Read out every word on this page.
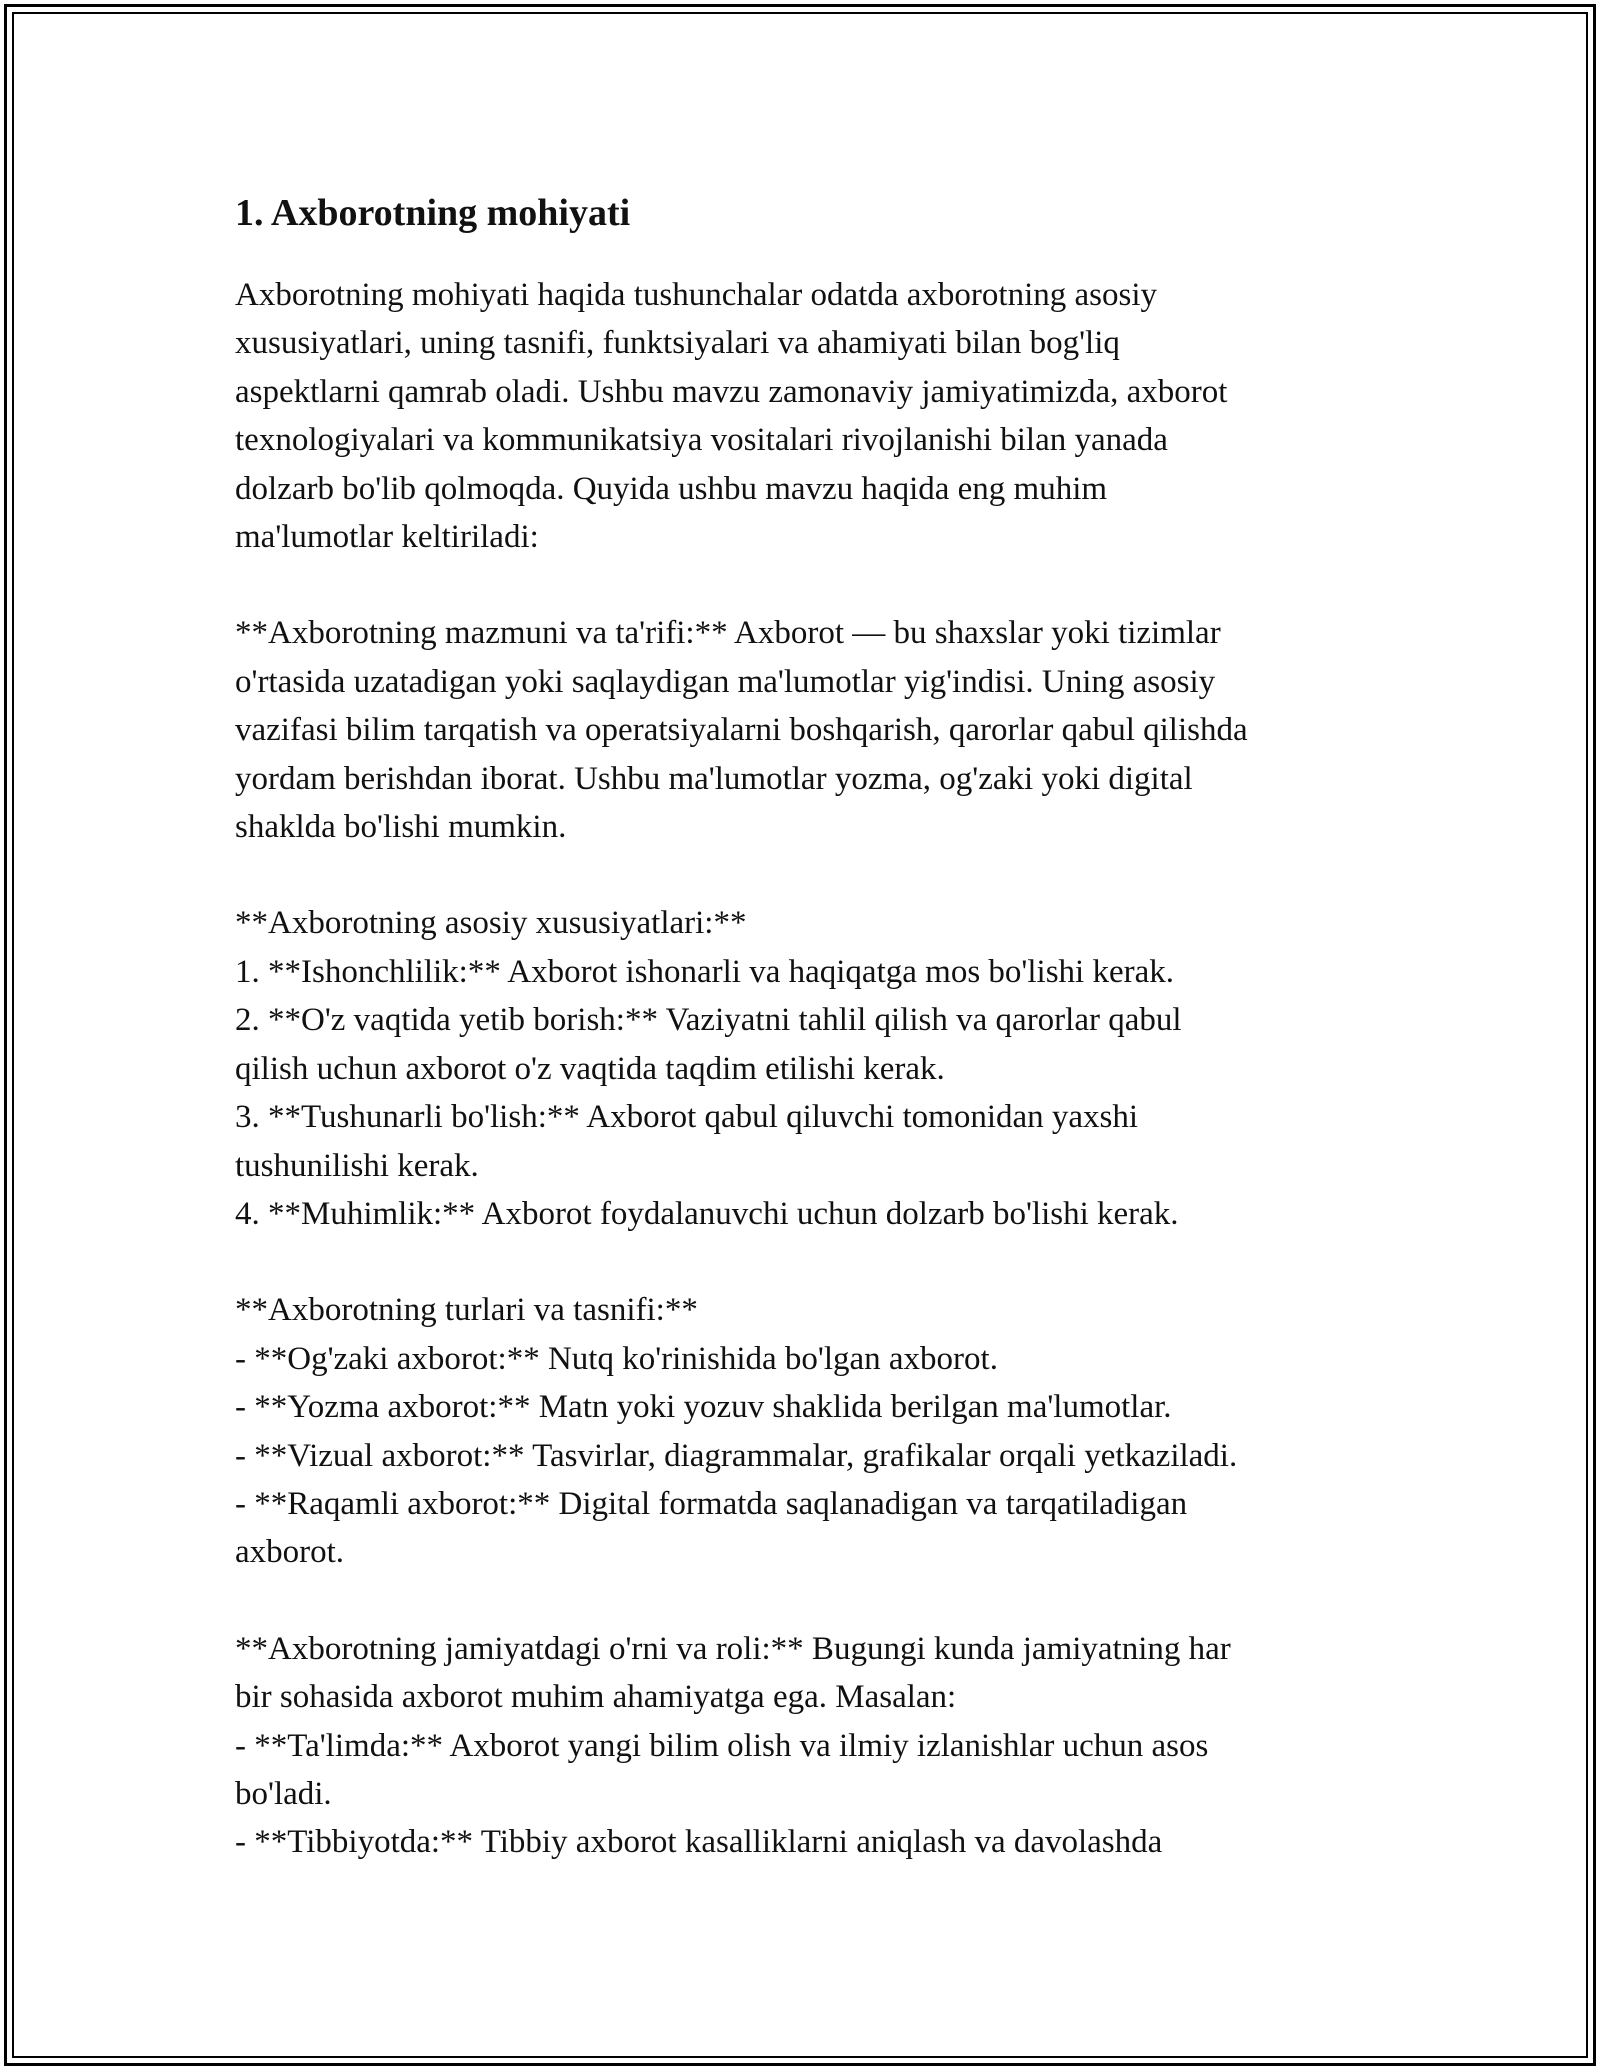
1. Axborotning mohiyati

Axborotning mohiyati haqida tushunchalar odatda axborotning asosiy
xususiyatlari, uning tasnifi, funktsiyalari va ahamiyati bilan bog'liq
aspektlarni qamrab oladi. Ushbu mavzu zamonaviy jamiyatimizda, axborot
texnologiyalari va kommunikatsiya vositalari rivojlanishi bilan yanada
dolzarb bo'lib qolmoqda. Quyida ushbu mavzu haqida eng muhim
ma'lumotlar keltiriladi:

**Axborotning mazmuni va ta'rifi:** Axborot — bu shaxslar yoki tizimlar
o'rtasida uzatadigan yoki saqlaydigan ma'lumotlar yig'indisi. Uning asosiy
vazifasi bilim tarqatish va operatsiyalarni boshqarish, qarorlar qabul qilishda
yordam berishdan iborat. Ushbu ma'lumotlar yozma, og'zaki yoki digital
shaklda bo'lishi mumkin.

**Axborotning asosiy xususiyatlari:**
1. **Ishonchlilik:** Axborot ishonarli va haqiqatga mos bo'lishi kerak.
2. **O'z vaqtida yetib borish:** Vaziyatni tahlil qilish va qarorlar qabul
qilish uchun axborot o'z vaqtida taqdim etilishi kerak.
3. **Tushunarli bo'lish:** Axborot qabul qiluvchi tomonidan yaxshi
tushunilishi kerak.
4. **Muhimlik:** Axborot foydalanuvchi uchun dolzarb bo'lishi kerak.

**Axborotning turlari va tasnifi:**
- **Og'zaki axborot:** Nutq ko'rinishida bo'lgan axborot.
- **Yozma axborot:** Matn yoki yozuv shaklida berilgan ma'lumotlar.
- **Vizual axborot:** Tasvirlar, diagrammalar, grafikalar orqali yetkaziladi.
- **Raqamli axborot:** Digital formatda saqlanadigan va tarqatiladigan
axborot.

**Axborotning jamiyatdagi o'rni va roli:** Bugungi kunda jamiyatning har
bir sohasida axborot muhim ahamiyatga ega. Masalan:
- **Ta'limda:** Axborot yangi bilim olish va ilmiy izlanishlar uchun asos
bo'ladi.
- **Tibbiyotda:** Tibbiy axborot kasalliklarni aniqlash va davolashda
